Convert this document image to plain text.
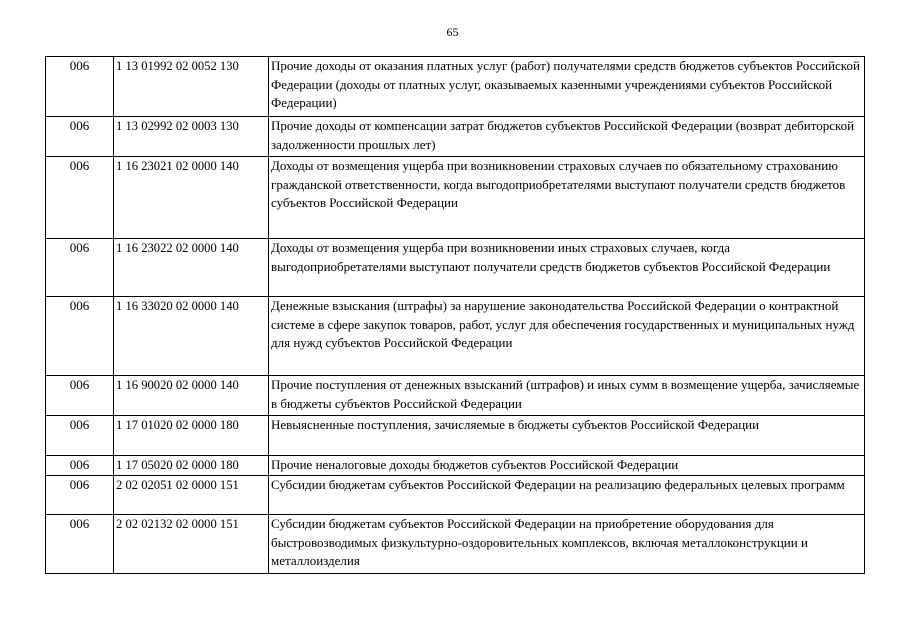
65
006	1 13 01992 02 0052 130	Прочие доходы от оказания платных услуг (работ) получателями средств бюджетов субъектов Российской Федерации (доходы от платных услуг, оказываемых казенными учреждениями субъектов Российской Федерации)
006	1 13 02992 02 0003 130	Прочие доходы от компенсации затрат бюджетов субъектов Российской Федерации (возврат дебиторской задолженности прошлых лет)
006	1 16 23021 02 0000 140	Доходы от возмещения ущерба при возникновении страховых случаев по обязательному страхованию гражданской ответственности, когда выгодоприобретателями выступают получатели средств бюджетов субъектов Российской Федерации
006	1 16 23022 02 0000 140	Доходы от возмещения ущерба при возникновении иных страховых случаев, когда выгодоприобретателями выступают получатели средств бюджетов субъектов Российской Федерации
006	1 16 33020 02 0000 140	Денежные взыскания (штрафы) за нарушение законодательства Российской Федерации о контрактной системе в сфере закупок товаров, работ, услуг для обеспечения государственных и муниципальных нужд для нужд субъектов Российской Федерации
006	1 16 90020 02 0000 140	Прочие поступления от денежных взысканий (штрафов) и иных сумм в возмещение ущерба, зачисляемые в бюджеты субъектов Российской Федерации
006	1 17 01020 02 0000 180	Невыясненные поступления, зачисляемые в бюджеты субъектов Российской Федерации
006	1 17 05020 02 0000 180	Прочие неналоговые доходы бюджетов субъектов Российской Федерации
006	2 02 02051 02 0000 151	Субсидии бюджетам субъектов Российской Федерации на реализацию федеральных целевых программ
006	2 02 02132 02 0000 151	Субсидии бюджетам субъектов Российской Федерации на приобретение оборудования для быстровозводимых физкультурно-оздоровительных комплексов, включая металлоконструкции и металлоизделия
